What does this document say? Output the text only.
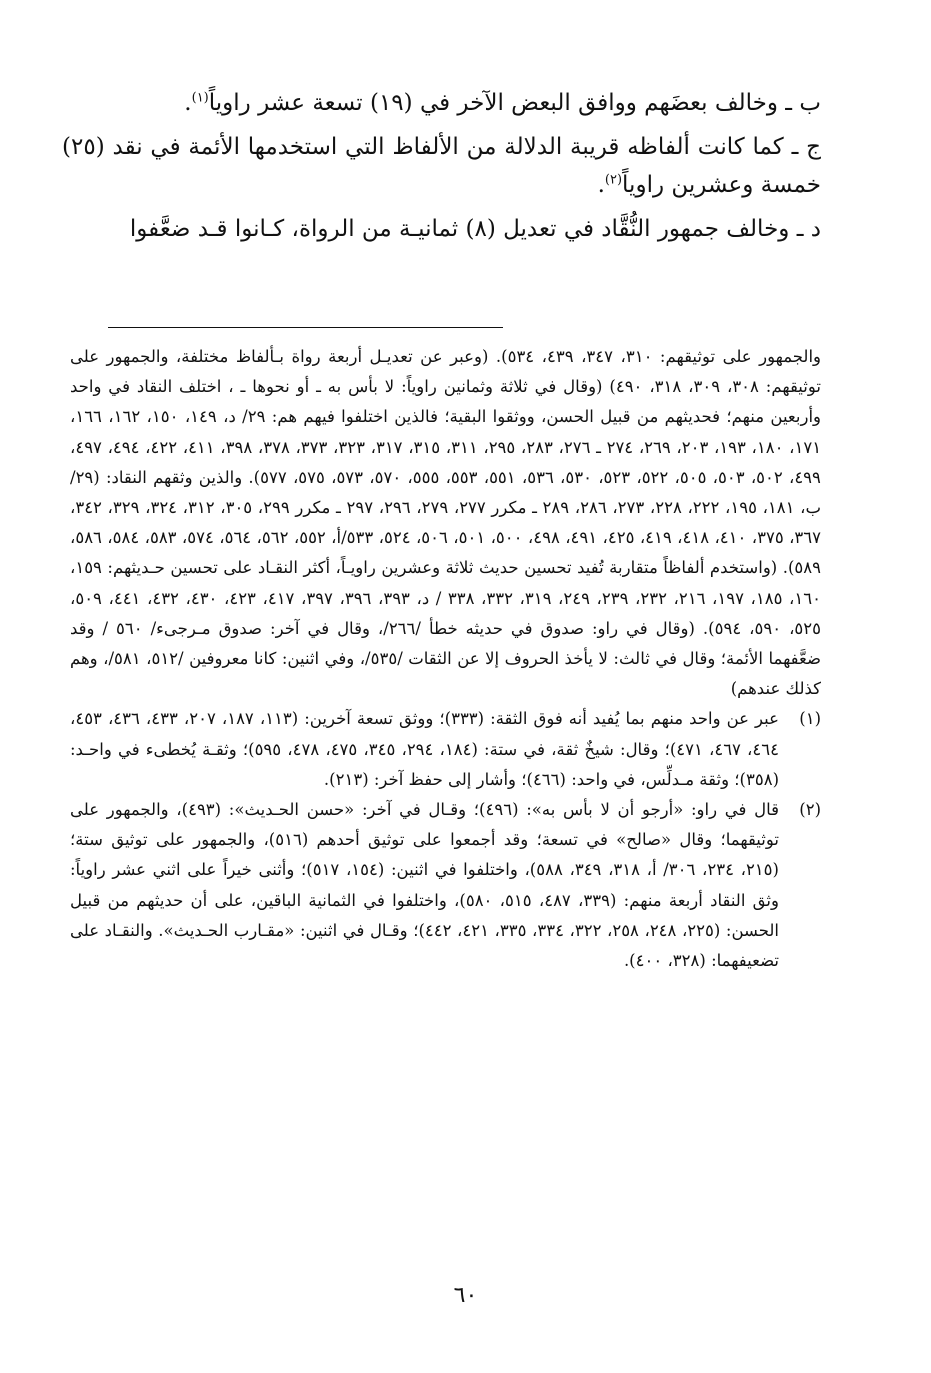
ب ـ وخالف بعضَهم ووافق البعض الآخر في (١٩) تسعة عشر راوياً$^{(١)}$.

ج ـ كما كانت ألفاظه قريبة الدلالة من الألفاظ التي استخدمها الأئمة في نقد (٢٥) خمسة وعشرين راوياً$^{(٢)}$.

د ـ وخالف جمهور النُّقَّاد في تعديل (٨) ثمانيـة من الرواة، كـانوا قـد ضعَّفوا

والجمهور على توثيقهم: ٣١٠، ٣٤٧، ٤٣٩، ٥٣٤). (وعبر عن تعديـل أربعة رواة بـألفاظ مختلفة، والجمهور على توثيقهم: ٣٠٨، ٣٠٩، ٣١٨، ٤٩٠) (وقال في ثلاثة وثمانين راوياً: لا بأس به ـ أو نحوها ـ ، اختلف النقاد في واحد وأربعين منهم؛ فحديثهم من قبيل الحسن، ووثقوا البقية؛ فالذين اختلفوا فيهم هم: ٢٩/ د، ١٤٩، ١٥٠، ١٦٢، ١٦٦، ١٧١، ١٨٠، ١٩٣، ٢٠٣، ٢٦٩، ٢٧٤ ـ ٢٧٦، ٢٨٣، ٢٩٥، ٣١١، ٣١٥، ٣١٧، ٣٢٣، ٣٧٣، ٣٧٨، ٣٩٨، ٤١١، ٤٢٢، ٤٩٤، ٤٩٧، ٤٩٩، ٥٠٢، ٥٠٣، ٥٠٥، ٥٢٢، ٥٢٣، ٥٣٠، ٥٣٦، ٥٥١، ٥٥٣، ٥٥٥، ٥٧٠، ٥٧٣، ٥٧٥، ٥٧٧). والذين وثقهم النقاد: (٢٩/ ب، ١٨١، ١٩٥، ٢٢٢، ٢٢٨، ٢٧٣، ٢٨٦، ٢٨٩ ـ مكرر ٢٧٧، ٢٧٩، ٢٩٦، ٢٩٧ ـ مكرر ٢٩٩، ٣٠٥، ٣١٢، ٣٢٤، ٣٢٩، ٣٤٢، ٣٦٧، ٣٧٥، ٤١٠، ٤١٨، ٤١٩، ٤٢٥، ٤٩١، ٤٩٨، ٥٠٠، ٥٠١، ٥٠٦، ٥٢٤، ٥٣٣/أ، ٥٥٢، ٥٦٢، ٥٦٤، ٥٧٤، ٥٨٣، ٥٨٤، ٥٨٦، ٥٨٩). (واستخدم ألفاظاً متقاربة تُفيد تحسين حديث ثلاثة وعشرين راويـاً، أكثر النقـاد على تحسين حـديثهم: ١٥٩، ١٦٠، ١٨٥، ١٩٧، ٢١٦، ٢٣٢، ٢٣٩، ٢٤٩، ٣١٩، ٣٣٢، ٣٣٨ / د، ٣٩٣، ٣٩٦، ٣٩٧، ٤١٧، ٤٢٣، ٤٣٠، ٤٣٢، ٤٤١، ٥٠٩، ٥٢٥، ٥٩٠، ٥٩٤). (وقال في راو: صدوق في حديثه خطأ /٢٦٦/، وقال في آخر: صدوق مـرجىء/ ٥٦٠ / وقد ضعَّفهما الأئمة؛ وقال في ثالث: لا يأخذ الحروف إلا عن الثقات /٥٣٥/، وفي اثنين: كانا معروفين /٥١٢، ٥٨١/، وهم كذلك عندهم)

(١)

عبر عن واحد منهم بما يُفيد أنه فوق الثقة: (٣٣٣)؛ ووثق تسعة آخرين: (١١٣، ١٨٧، ٢٠٧، ٤٣٣، ٤٣٦، ٤٥٣، ٤٦٤، ٤٦٧، ٤٧١)؛ وقال: شيخٌ ثقة، في ستة: (١٨٤، ٢٩٤، ٣٤٥، ٤٧٥، ٤٧٨، ٥٩٥)؛ وثقـة يُخطىء في واحـد: (٣٥٨)؛ وثقة مـدلِّس، في واحد: (٤٦٦)؛ وأشار إلى حفظ آخر: (٢١٣).

(٢)

قال في راو: «أرجو أن لا بأس به»: (٤٩٦)؛ وقـال في آخر: «حسن الحـديث»: (٤٩٣)، والجمهور على توثيقهما؛ وقال «صالح» في تسعة؛ وقد أجمعوا على توثيق أحدهم (٥١٦)، والجمهور على توثيق ستة؛ (٢١٥، ٢٣٤، ٣٠٦/ أ، ٣١٨، ٣٤٩، ٥٨٨)، واختلفوا في اثنين: (١٥٤، ٥١٧)؛ وأثنى خيراً على اثني عشر راوياً: وثق النقاد أربعة منهم: (٣٣٩، ٤٨٧، ٥١٥، ٥٨٠)، واختلفوا في الثمانية الباقين، على أن حديثهم من قبيل الحسن: (٢٢٥، ٢٤٨، ٢٥٨، ٣٢٢، ٣٣٤، ٣٣٥، ٤٢١، ٤٤٢)؛ وقـال في اثنين: «مقـارب الحـديث». والنقـاد على تضعيفهما: (٣٢٨، ٤٠٠).

٦٠
